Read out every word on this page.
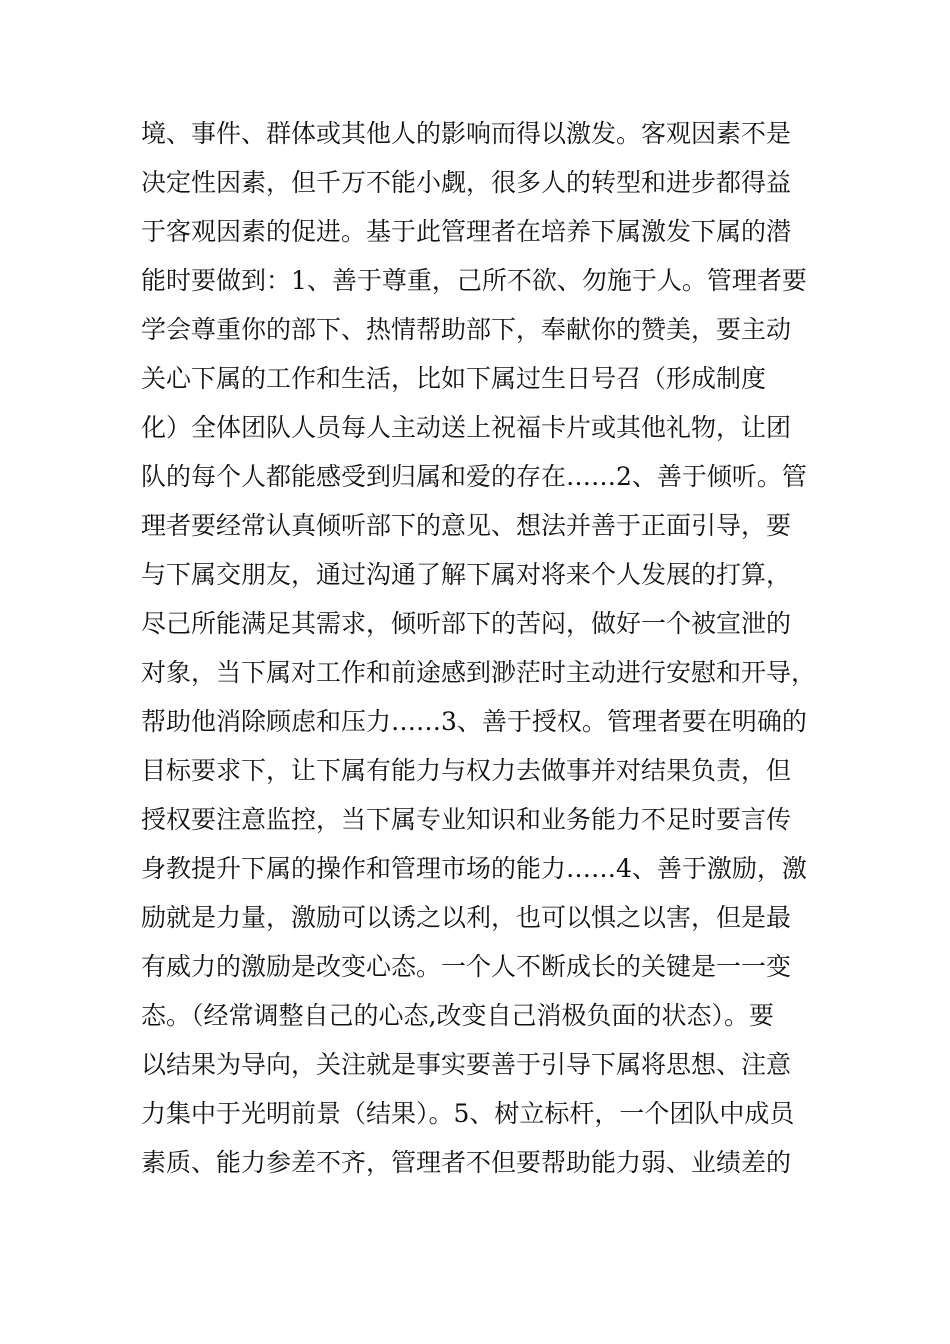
境、事件、群体或其他人的影响而得以激发。客观因素不是
决定性因素，但千万不能小觑，很多人的转型和进步都得益
于客观因素的促进。基于此管理者在培养下属激发下属的潜
能时要做到：1、善于尊重，己所不欲、勿施于人。管理者要
学会尊重你的部下、热情帮助部下，奉献你的赞美，要主动
关心下属的工作和生活，比如下属过生日号召（形成制度
化）全体团队人员每人主动送上祝福卡片或其他礼物，让团
队的每个人都能感受到归属和爱的存在……2、善于倾听。管
理者要经常认真倾听部下的意见、想法并善于正面引导，要
与下属交朋友，通过沟通了解下属对将来个人发展的打算，
尽己所能满足其需求，倾听部下的苦闷，做好一个被宣泄的
对象，当下属对工作和前途感到渺茫时主动进行安慰和开导，
帮助他消除顾虑和压力……3、善于授权。管理者要在明确的
目标要求下，让下属有能力与权力去做事并对结果负责，但
授权要注意监控，当下属专业知识和业务能力不足时要言传
身教提升下属的操作和管理市场的能力……4、善于激励，激
励就是力量，激励可以诱之以利，也可以惧之以害，但是最
有威力的激励是改变心态。一个人不断成长的关键是一一变
态。（经常调整自己的心态,改变自己消极负面的状态）。要
以结果为导向，关注就是事实要善于引导下属将思想、注意
力集中于光明前景（结果）。5、树立标杆，一个团队中成员
素质、能力参差不齐，管理者不但要帮助能力弱、业绩差的
